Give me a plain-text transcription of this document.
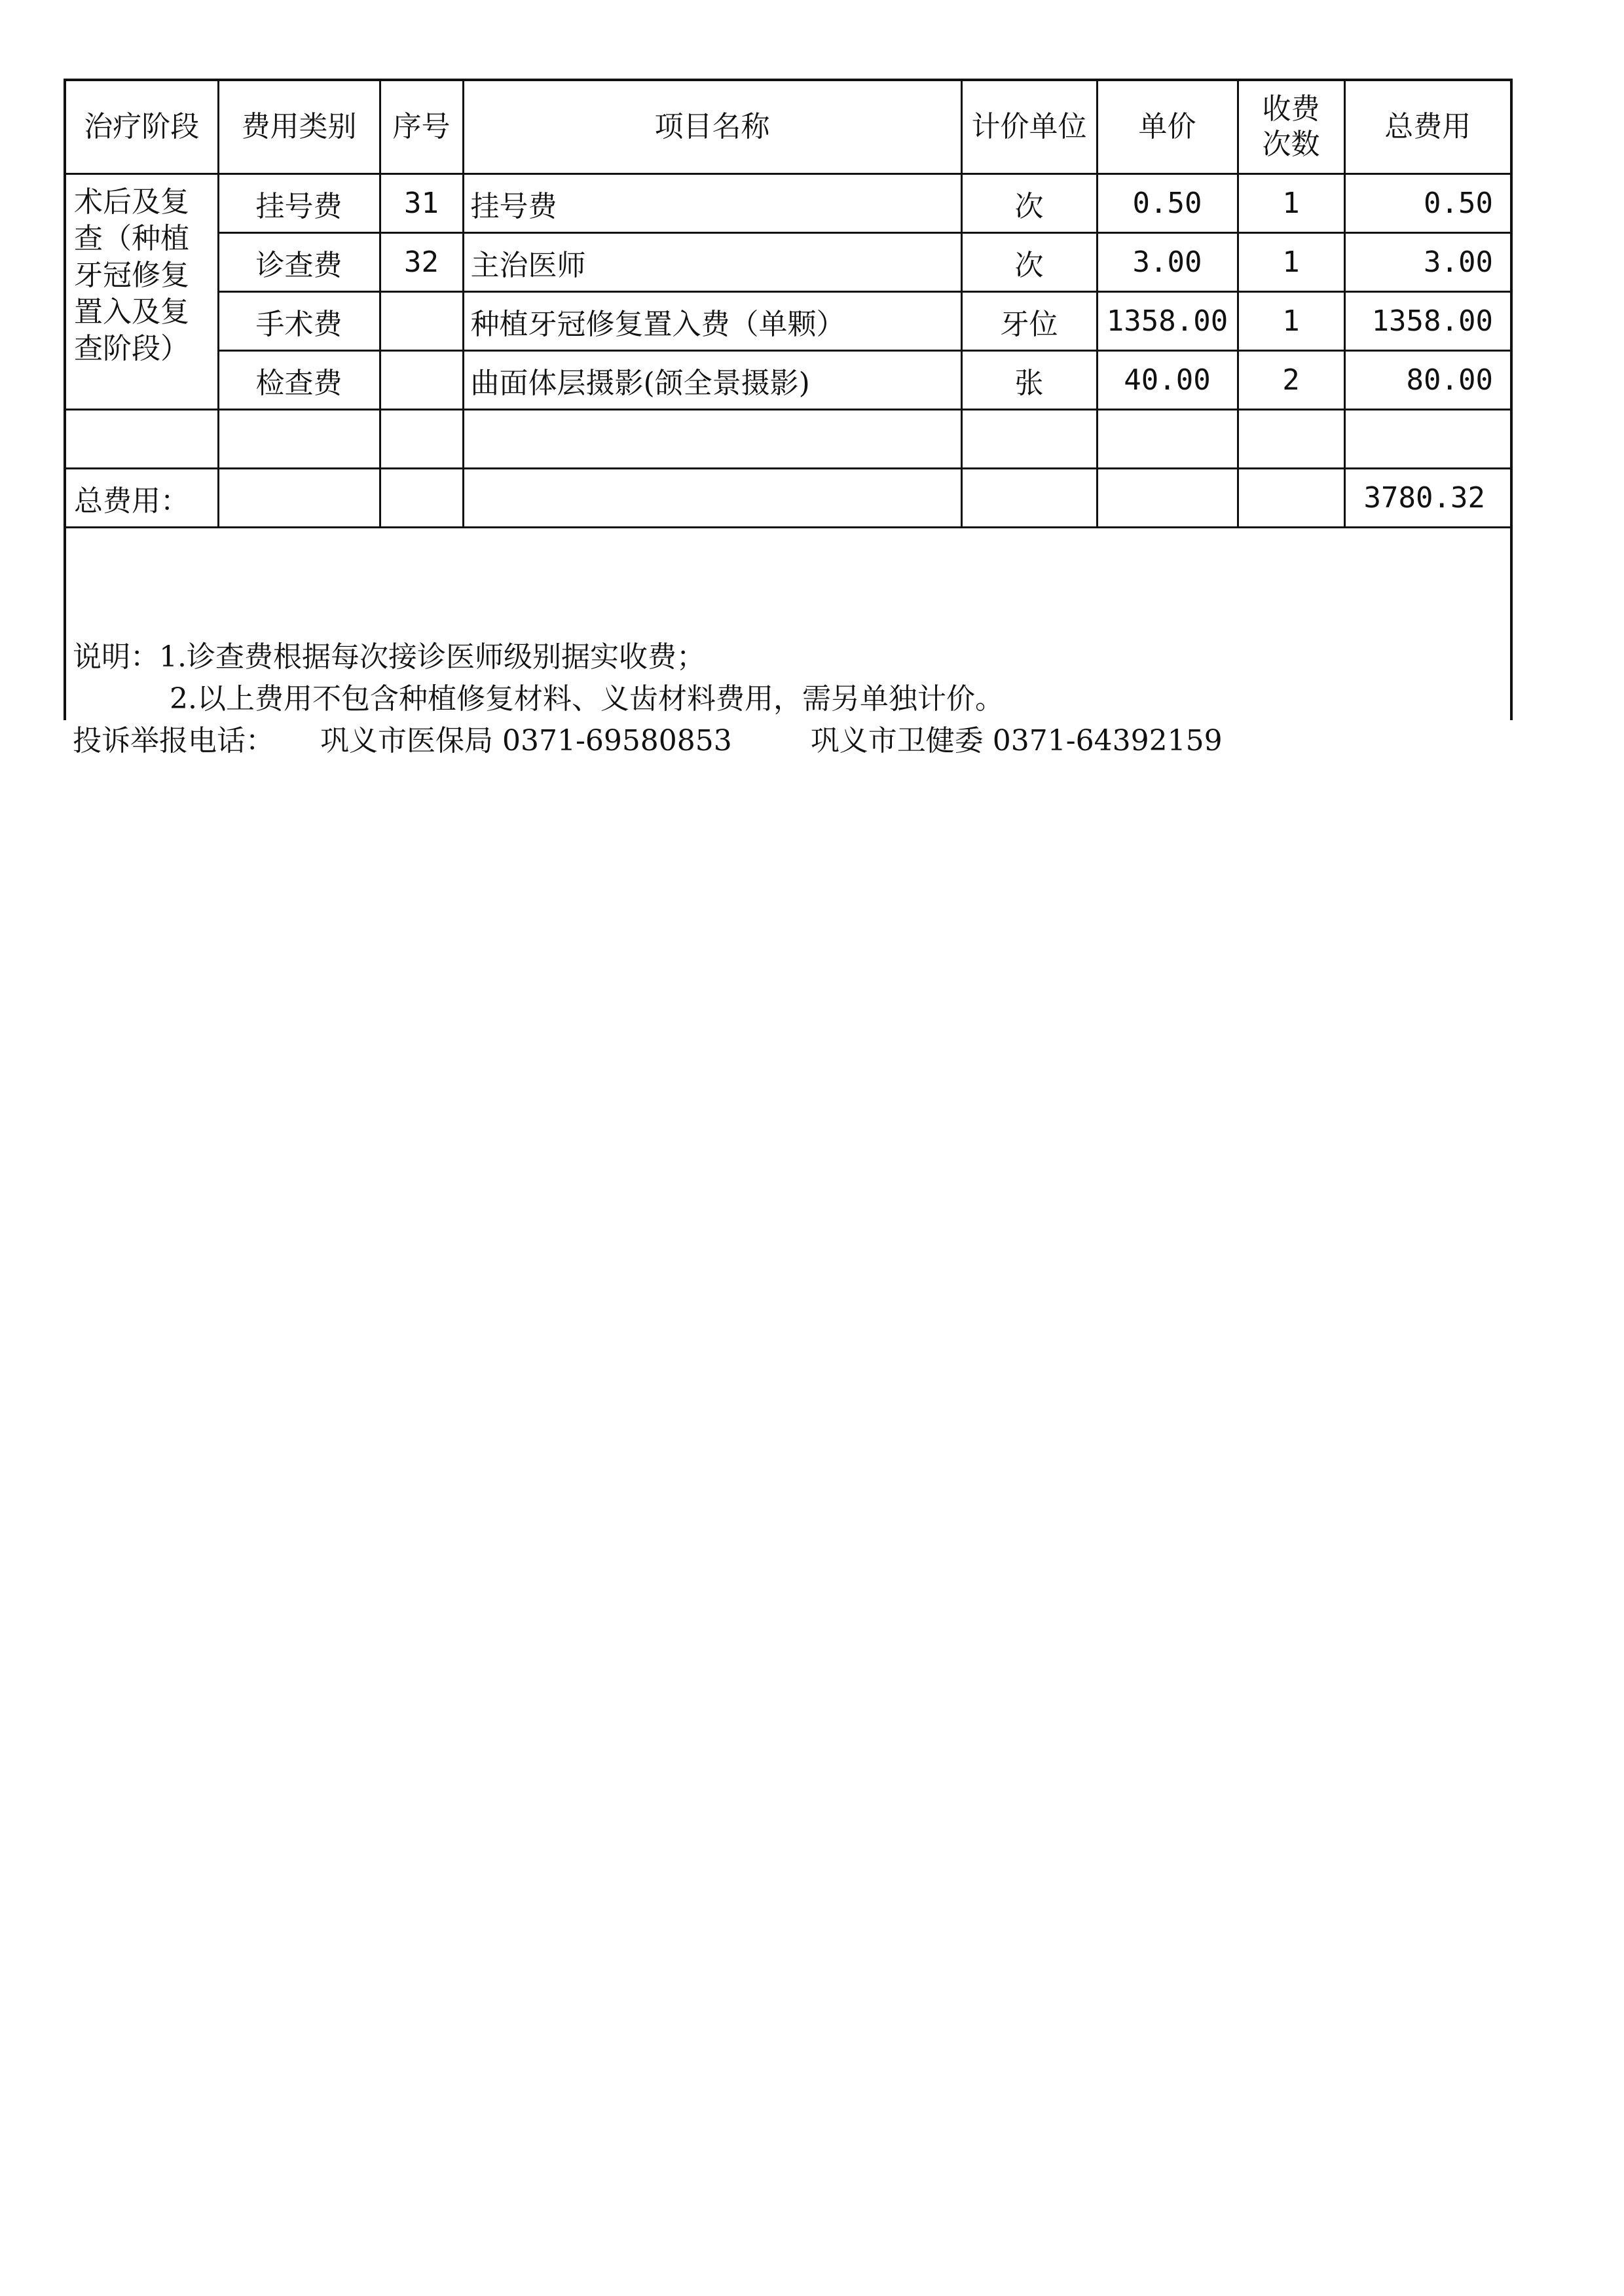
治疗阶段	费用类别	序号	项目名称	计价单位	单价	收费次数	总费用
术后及复查（种植牙冠修复置入及复查阶段）	挂号费	31	挂号费	次	0.50	1	0.50
	诊查费	32	主治医师	次	3.00	1	3.00
	手术费		种植牙冠修复置入费（单颗）	牙位	1358.00	1	1358.00
	检查费		曲面体层摄影(颌全景摄影)	张	40.00	2	80.00

总费用：							3780.32
说明：1.诊查费根据每次接诊医师级别据实收费；
2.以上费用不包含种植修复材料、义齿材料费用，需另单独计价。
投诉举报电话： 巩义市医保局 0371-69580853	巩义市卫健委 0371-64392159
